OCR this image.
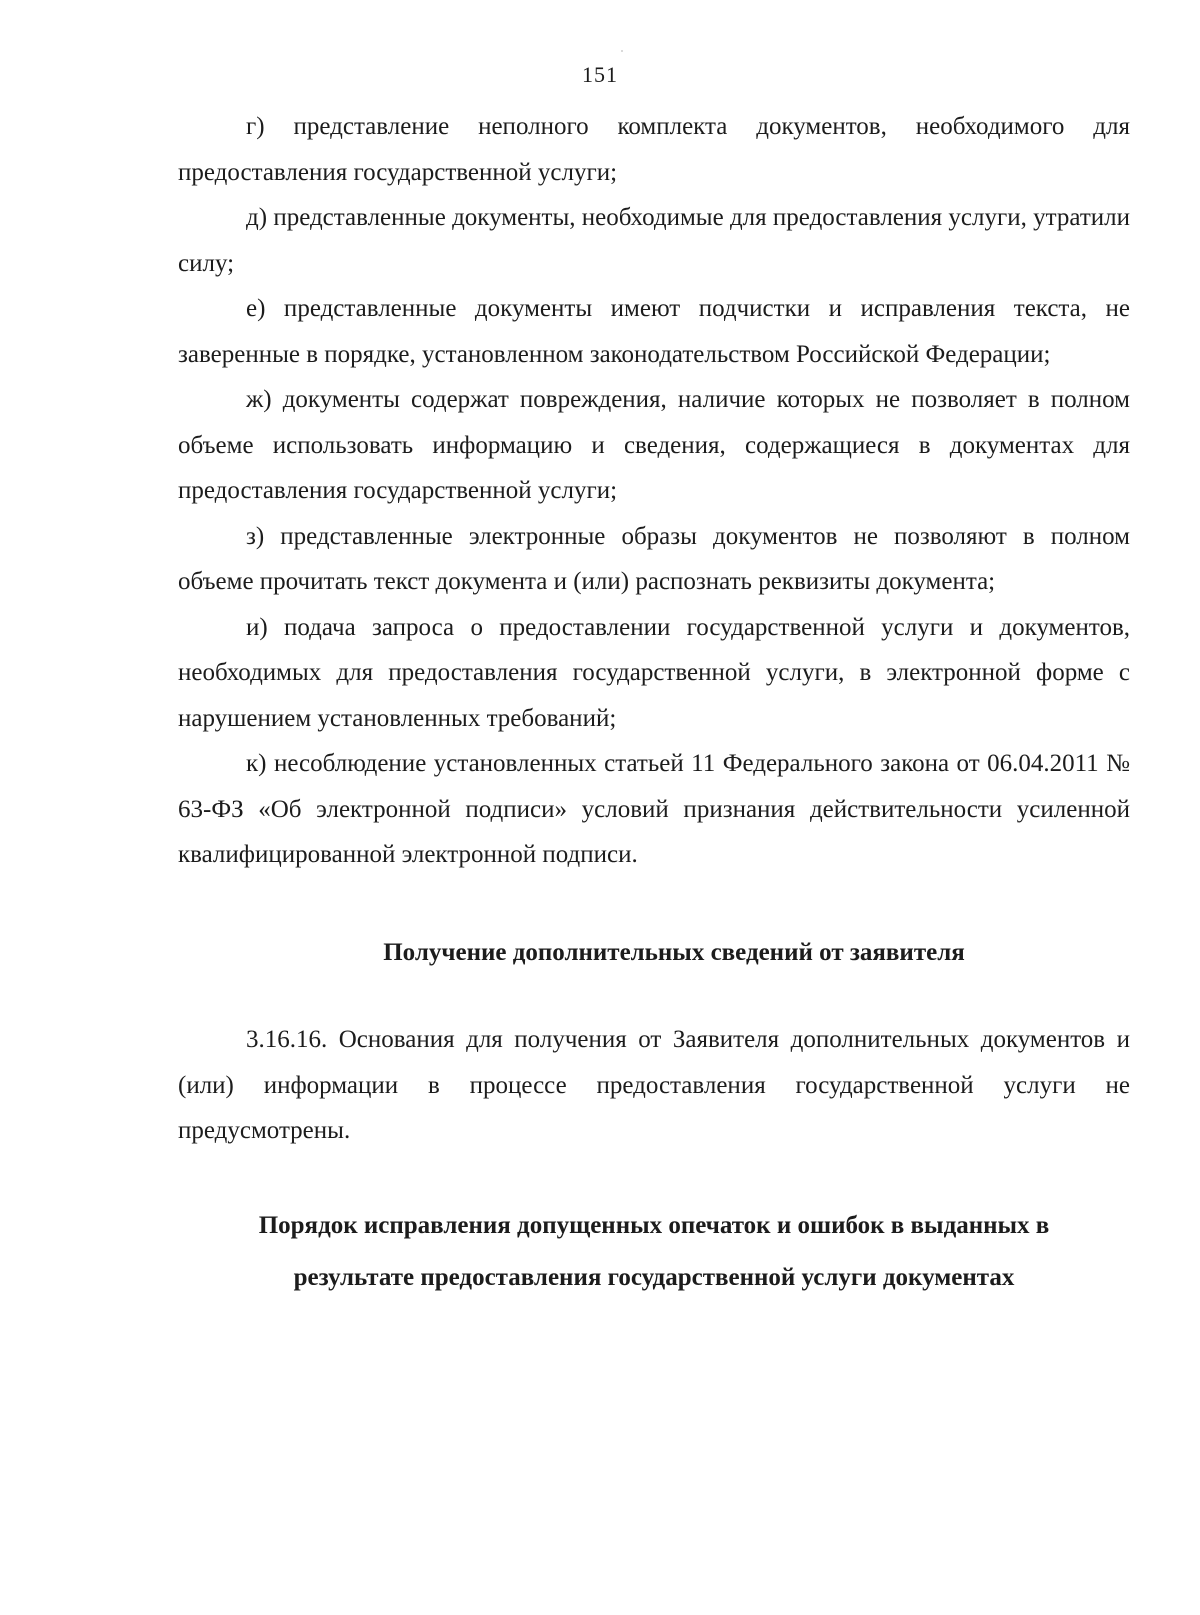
151

г) представление неполного комплекта документов, необходимого для предоставления государственной услуги;

д) представленные документы, необходимые для предоставления услуги, утратили силу;

е) представленные документы имеют подчистки и исправления текста, не заверенные в порядке, установленном законодательством Российской Федерации;

ж) документы содержат повреждения, наличие которых не позволяет в полном объеме использовать информацию и сведения, содержащиеся в документах для предоставления государственной услуги;

з) представленные электронные образы документов не позволяют в полном объеме прочитать текст документа и (или) распознать реквизиты документа;

и) подача запроса о предоставлении государственной услуги и документов, необходимых для предоставления государственной услуги, в электронной форме с нарушением установленных требований;

к) несоблюдение установленных статьей 11 Федерального закона от 06.04.2011 № 63-ФЗ «Об электронной подписи» условий признания действительности усиленной квалифицированной электронной подписи.

Получение дополнительных сведений от заявителя

3.16.16. Основания для получения от Заявителя дополнительных документов и (или) информации в процессе предоставления государственной услуги не предусмотрены.

Порядок исправления допущенных опечаток и ошибок в выданных в
результате предоставления государственной услуги документах
